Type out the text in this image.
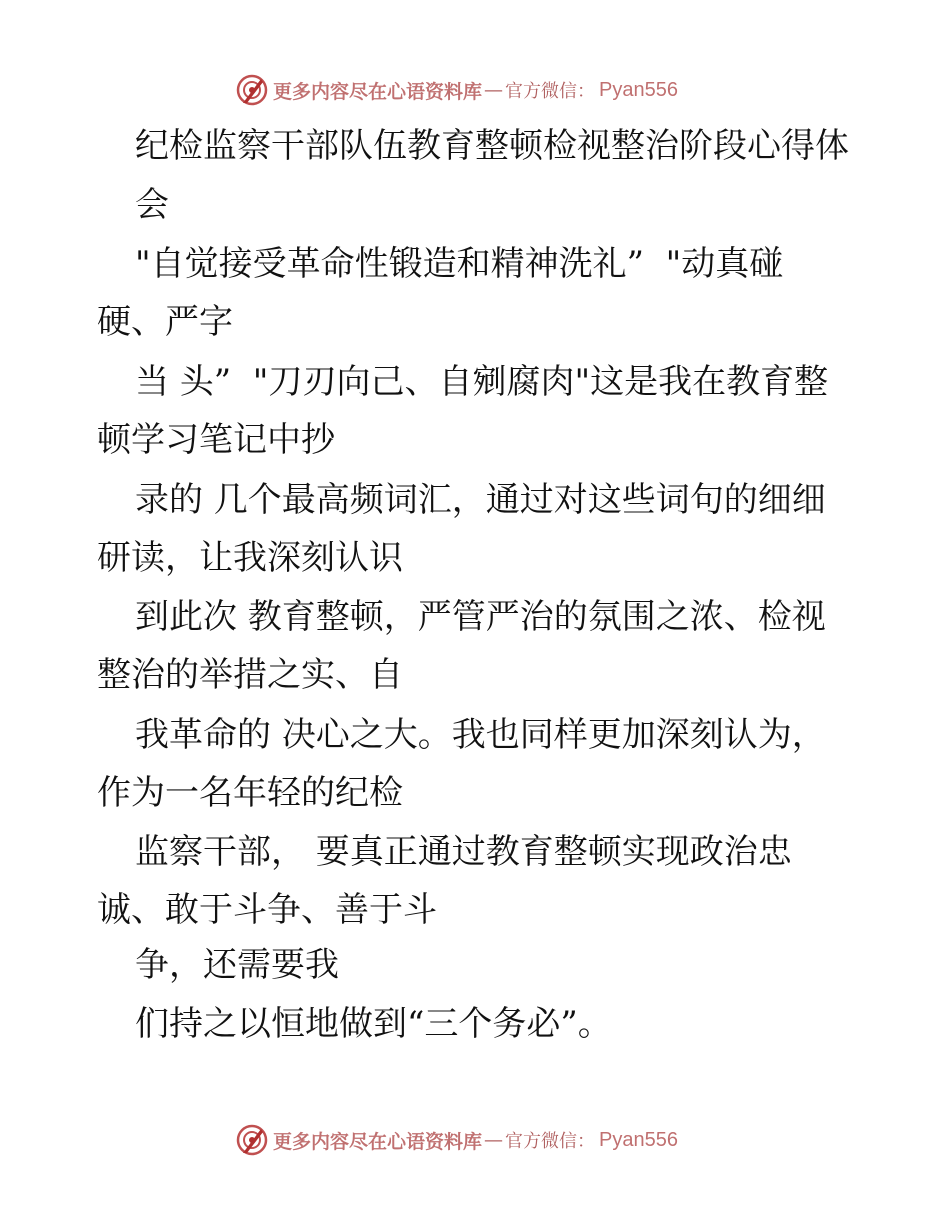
更多内容尽在心语资料库 — 官方微信： Pyan556
纪检监察干部队伍教育整顿检视整治阶段心得体
会
"自觉接受革命性锻造和精神洗礼”  "动真碰
硬、严字
当 头”  "刀刃向己、自剜腐肉"这是我在教育整
顿学习笔记中抄
录的 几个最高频词汇，通过对这些词句的细细
研读，让我深刻认识
到此次 教育整顿，严管严治的氛围之浓、检视
整治的举措之实、自
我革命的 决心之大。我也同样更加深刻认为，
作为一名年轻的纪检
监察干部， 要真正通过教育整顿实现政治忠
诚、敢于斗争、善于斗
争，还需要我
们持之以恒地做到“三个务必”。
更多内容尽在心语资料库 — 官方微信： Pyan556
